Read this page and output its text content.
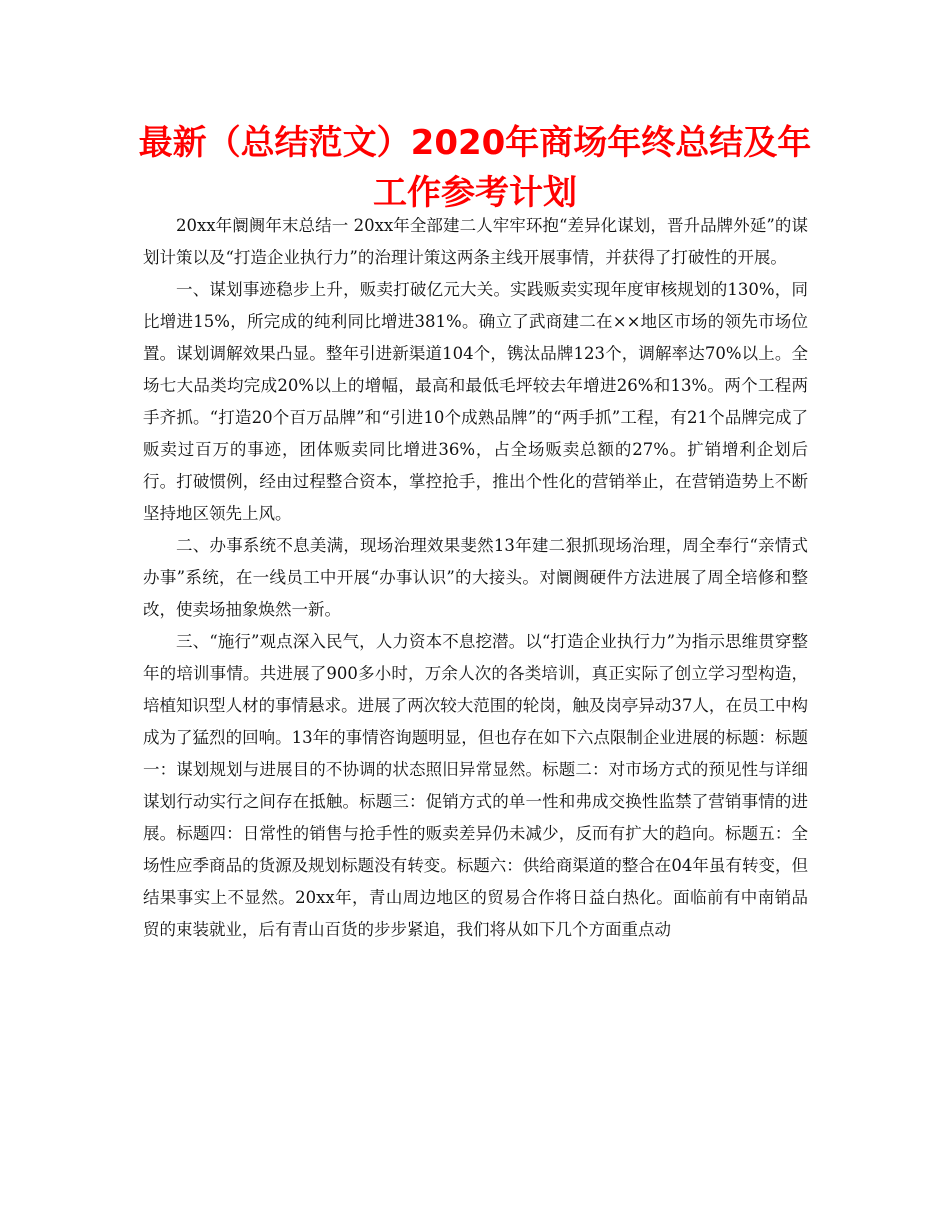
最新（总结范文）2020年商场年终总结及年工作参考计划

20xx年阛阓年末总结一 20xx年全部建二人牢牢环抱“差异化谋划，晋升品牌外延”的谋划计策以及“打造企业执行力”的治理计策这两条主线开展事情，并获得了打破性的开展。

一、谋划事迹稳步上升，贩卖打破亿元大关。实践贩卖实现年度审核规划的130%，同比增进15%，所完成的纯利同比增进381%。确立了武商建二在××地区市场的领先市场位置。谋划调解效果凸显。整年引进新渠道104个，镌汰品牌123个，调解率达70%以上。全场七大品类均完成20%以上的增幅，最高和最低毛坪较去年增进26%和13%。两个工程两手齐抓。“打造20个百万品牌”和“引进10个成熟品牌”的“两手抓”工程，有21个品牌完成了贩卖过百万的事迹，团体贩卖同比增进36%，占全场贩卖总额的27%。扩销增利企划后行。打破惯例，经由过程整合资本，掌控抢手，推出个性化的营销举止，在营销造势上不断坚持地区领先上风。

二、办事系统不息美满，现场治理效果斐然13年建二狠抓现场治理，周全奉行“亲情式办事”系统，在一线员工中开展“办事认识”的大接头。对阛阓硬件方法进展了周全培修和整改，使卖场抽象焕然一新。

三、“施行”观点深入民气，人力资本不息挖潜。以“打造企业执行力”为指示思维贯穿整年的培训事情。共进展了900多小时，万余人次的各类培训，真正实际了创立学习型构造，培植知识型人材的事情悬求。进展了两次较大范围的轮岗，触及岗亭异动37人，在员工中构成为了猛烈的回响。13年的事情咨询题明显，但也存在如下六点限制企业进展的标题：标题一：谋划规划与进展目的不协调的状态照旧异常显然。标题二：对市场方式的预见性与详细谋划行动实行之间存在抵触。标题三：促销方式的单一性和弗成交换性监禁了营销事情的进展。标题四：日常性的销售与抢手性的贩卖差异仍未减少，反而有扩大的趋向。标题五：全场性应季商品的货源及规划标题没有转变。标题六：供给商渠道的整合在04年虽有转变，但结果事实上不显然。20xx年，青山周边地区的贸易合作将日益白热化。面临前有中南销品贸的束装就业，后有青山百货的步步紧追，我们将从如下几个方面重点动
